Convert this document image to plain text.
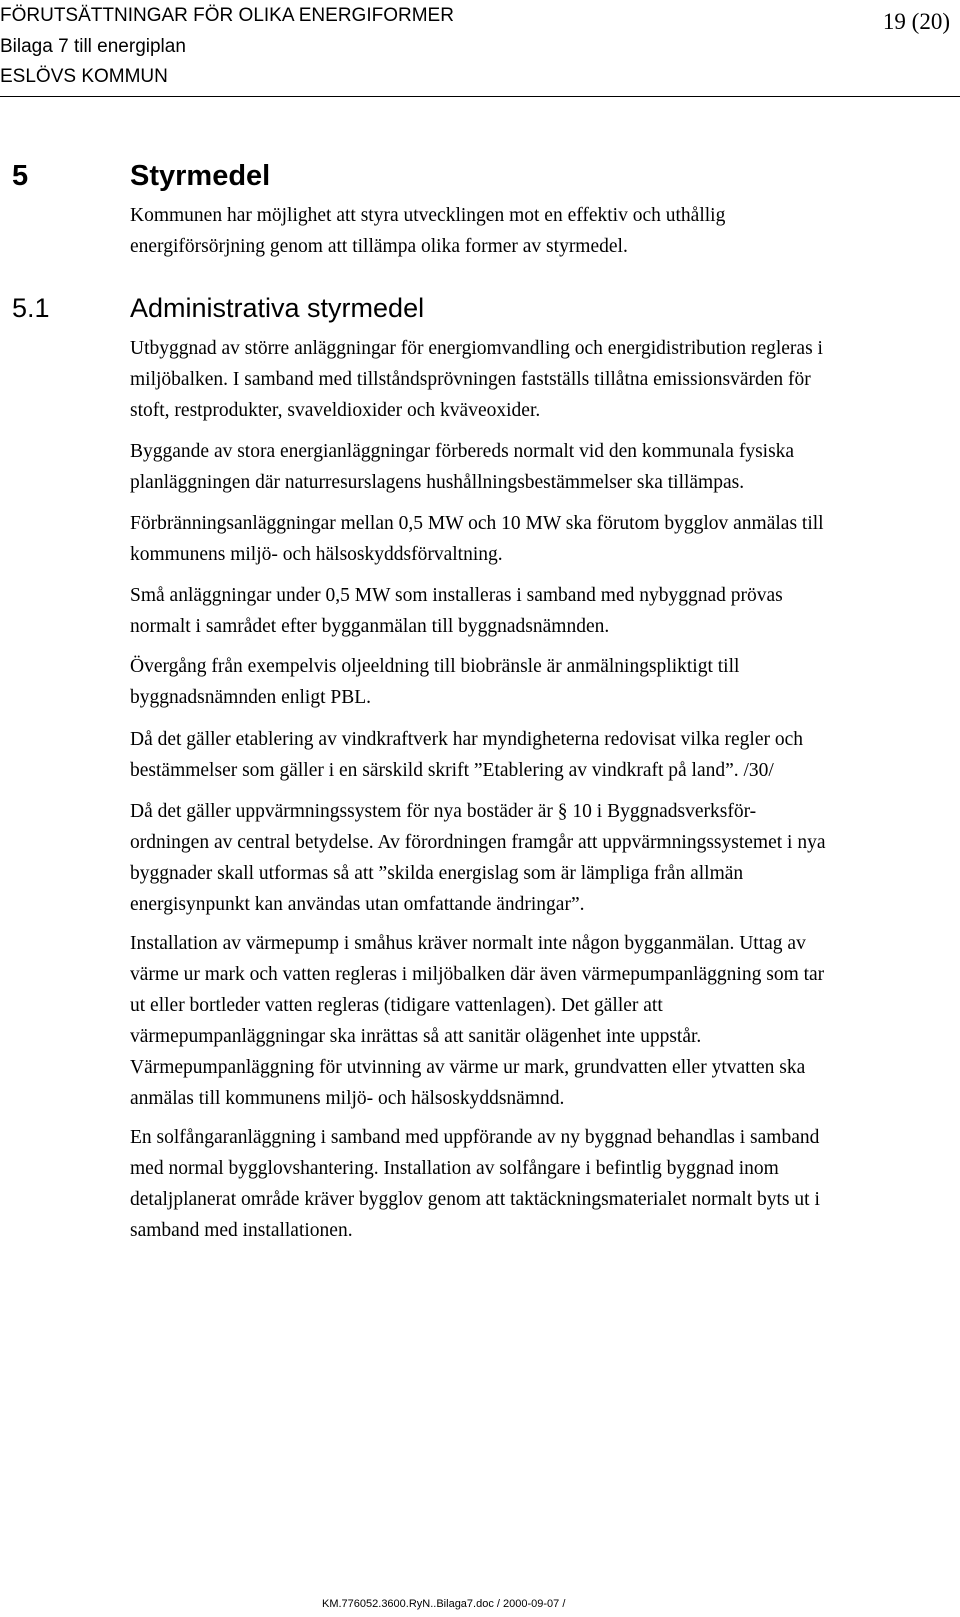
FÖRUTSÄTTNINGAR FÖR OLIKA ENERGIFORMER
Bilaga 7 till energiplan
ESLÖVS KOMMUN
19 (20)
5	Styrmedel
Kommunen har möjlighet att styra utvecklingen mot en effektiv och uthållig
energiförsörjning genom att tillämpa olika former av styrmedel.
5.1	Administrativa styrmedel
Utbyggnad av större anläggningar för energiomvandling och energidistribution regleras i
miljöbalken. I samband med tillståndsprövningen fastställs tillåtna emissionsvärden för
stoft, restprodukter, svaveldioxider och kväveoxider.
Byggande av stora energianläggningar förbereds normalt vid den kommunala fysiska
planläggningen där naturresurslagens hushållningsbestämmelser ska tillämpas.
Förbränningsanläggningar mellan 0,5 MW och 10 MW ska förutom bygglov anmälas till
kommunens miljö- och hälsoskyddsförvaltning.
Små anläggningar under 0,5 MW som installeras i samband med nybyggnad prövas
normalt i samrådet efter bygganmälan till byggnadsnämnden.
Övergång från exempelvis oljeeldning till biobränsle är anmälningspliktigt till
byggnadsnämnden enligt PBL.
Då det gäller etablering av vindkraftverk har myndigheterna redovisat vilka regler och
bestämmelser som gäller i en särskild skrift ”Etablering av vindkraft på land”. /30/
Då det gäller uppvärmningssystem för nya bostäder är § 10 i Byggnadsverksför-
ordningen av central betydelse. Av förordningen framgår att uppvärmningssystemet i nya
byggnader skall utformas så att ”skilda energislag som är lämpliga från allmän
energisynpunkt kan användas utan omfattande ändringar”.
Installation av värmepump i småhus kräver normalt inte någon bygganmälan. Uttag av
värme ur mark och vatten regleras i miljöbalken där även värmepumpanläggning som tar
ut eller bortleder vatten regleras (tidigare vattenlagen). Det gäller att
värmepumpanläggningar ska inrättas så att sanitär olägenhet inte uppstår.
Värmepumpanläggning för utvinning av värme ur mark, grundvatten eller ytvatten ska
anmälas till kommunens miljö- och hälsoskyddsnämnd.
En solfångaranläggning i samband med uppförande av ny byggnad behandlas i samband
med normal bygglovshantering. Installation av solfångare i befintlig byggnad inom
detaljplanerat område kräver bygglov genom att taktäckningsmaterialet normalt byts ut i
samband med installationen.
KM.776052.3600.RyN..Bilaga7.doc / 2000-09-07 /
